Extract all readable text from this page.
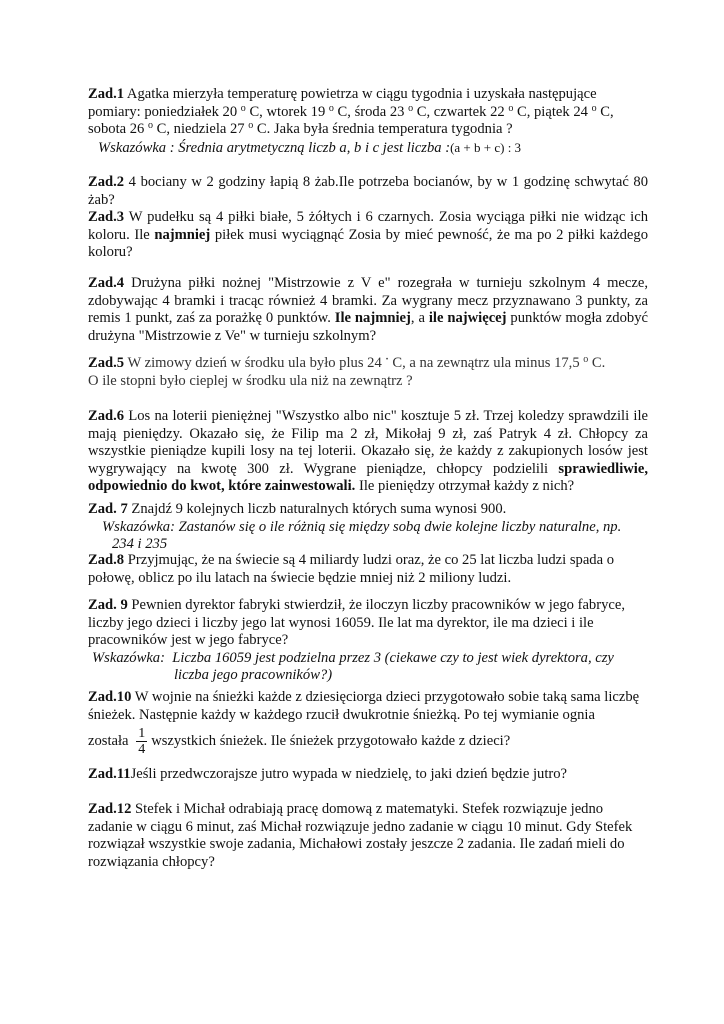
Zad.1 Agatka mierzyła temperaturę powietrza w ciągu tygodnia i uzyskała następujące

pomiary: poniedziałek 20 $^o$ C, wtorek 19 $^o$ C, środa 23 $^o$ C, czwartek 22 $^o$ C, piątek 24 $^o$ C,

sobota 26 $^o$ C, niedziela 27 $^o$ C. Jaka była średnia temperatura tygodnia ?

Wskazówka : Średnia arytmetyczną liczb a, b i c jest liczba :(a + b + c) : 3

Zad.2 4 bociany w 2 godziny łapią 8 żab.Ile potrzeba bocianów, by w 1 godzinę schwytać 80 żab?

Zad.3 W pudełku są 4 piłki białe, 5 żółtych i 6 czarnych. Zosia wyciąga piłki nie widząc ich koloru. Ile najmniej piłek musi wyciągnąć Zosia by mieć pewność, że ma po 2 piłki każdego koloru?

Zad.4 Drużyna piłki nożnej "Mistrzowie z V e" rozegrała w turnieju szkolnym 4 mecze, zdobywając 4 bramki i tracąc również 4 bramki. Za wygrany mecz przyznawano 3 punkty, za remis 1 punkt, zaś za porażkę 0 punktów. Ile najmniej, a ile najwięcej punktów mogła zdobyć drużyna "Mistrzowie z Ve" w turnieju szkolnym?

Zad.5 W zimowy dzień w środku ula było plus 24 · C, a na zewnątrz ula minus 17,5 $^o$ C.

O ile stopni było cieplej w środku ula niż na zewnątrz ?

Zad.6 Los na loterii pieniężnej "Wszystko albo nic" kosztuje 5 zł. Trzej koledzy sprawdzili ile mają pieniędzy. Okazało się, że Filip ma 2 zł, Mikołaj 9 zł, zaś Patryk 4 zł. Chłopcy za wszystkie pieniądze kupili losy na tej loterii. Okazało się, że każdy z zakupionych losów jest wygrywający na kwotę 300 zł. Wygrane pieniądze, chłopcy podzielili sprawiedliwie, odpowiednio do kwot, które zainwestowali. Ile pieniędzy otrzymał każdy z nich?

Zad. 7 Znajdź 9 kolejnych liczb naturalnych których suma wynosi 900.

Wskazówka: Zastanów się o ile różnią się między sobą dwie kolejne liczby naturalne, np.

234 i 235

Zad.8 Przyjmując, że na świecie są 4 miliardy ludzi oraz, że co 25 lat liczba ludzi spada o połowę, oblicz po ilu latach na świecie będzie mniej niż 2 miliony ludzi.

Zad. 9 Pewnien dyrektor fabryki stwierdził, że iloczyn liczby pracowników w jego fabryce, liczby jego dzieci i liczby jego lat wynosi 16059. Ile lat ma dyrektor, ile ma dzieci i ile pracowników jest w jego fabryce?

Wskazówka: Liczba 16059 jest podzielna przez 3 (ciekawe czy to jest wiek dyrektora, czy

liczba jego pracowników?)

Zad.10 W wojnie na śnieżki każde z dziesięciorga dzieci przygotowało sobie taką sama liczbę śnieżek. Następnie każdy w każdego rzucił dwukrotnie śnieżką. Po tej wymianie ognia

została $\frac{1}{4}$ wszystkich śnieżek. Ile śnieżek przygotowało każde z dzieci?

Zad.11Jeśli przedwczorajsze jutro wypada w niedzielę, to jaki dzień będzie jutro?

Zad.12 Stefek i Michał odrabiają pracę domową z matematyki. Stefek rozwiązuje jedno zadanie w ciągu 6 minut, zaś Michał rozwiązuje jedno zadanie w ciągu 10 minut. Gdy Stefek rozwiązał wszystkie swoje zadania, Michałowi zostały jeszcze 2 zadania. Ile zadań mieli do rozwiązania chłopcy?
